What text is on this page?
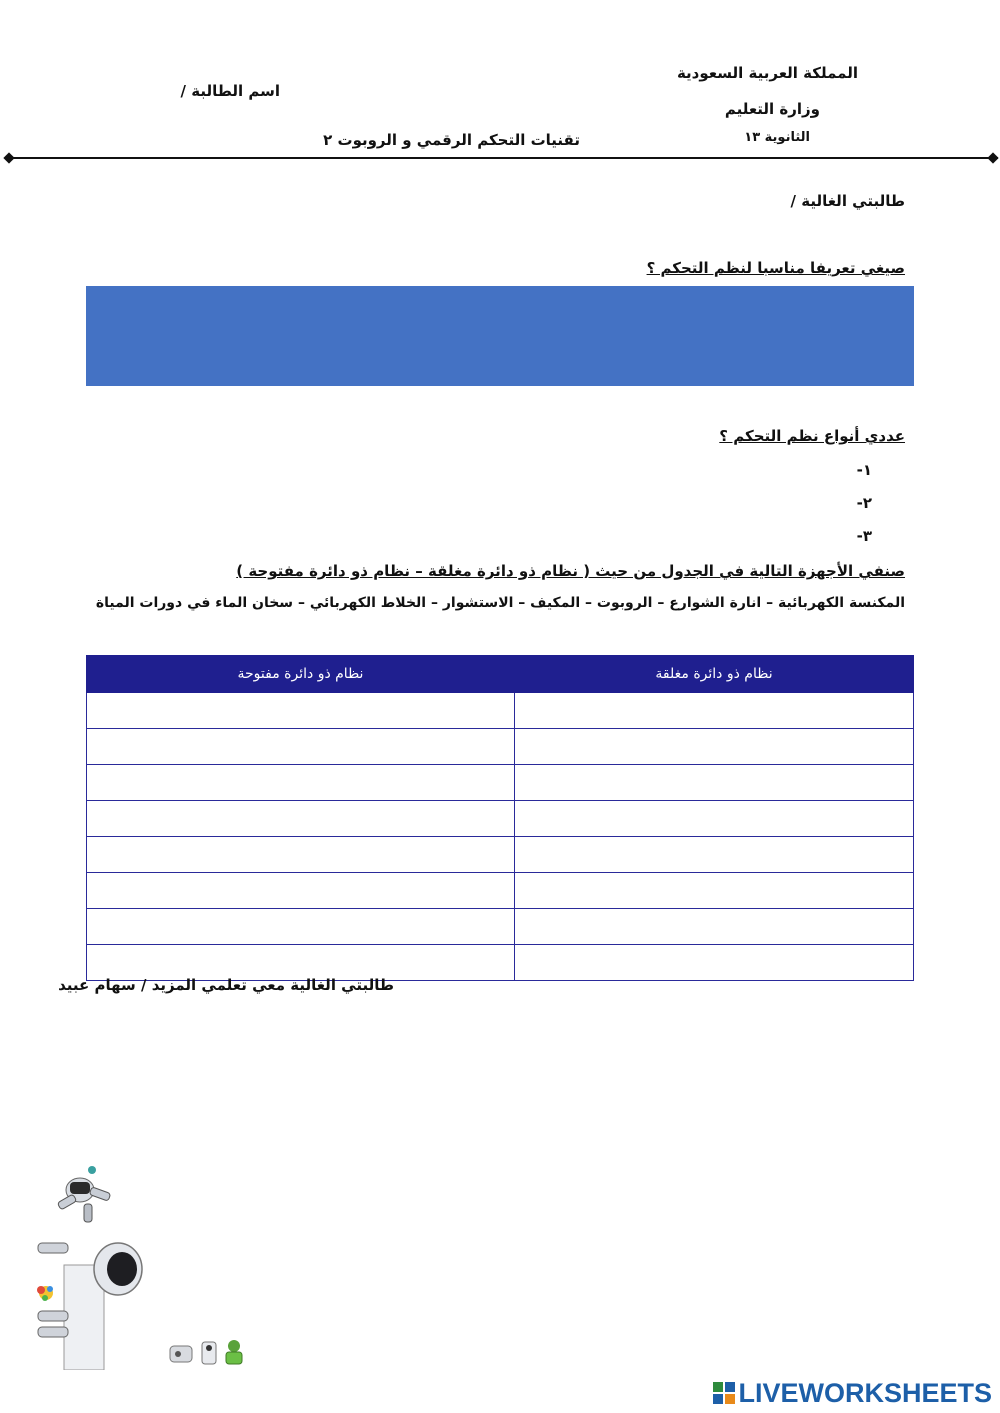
المملكة العربية السعودية
وزارة التعليم
الثانوية ١٣
اسم الطالبة /
تقنيات التحكم الرقمي و الروبوت ٢
طالبتي الغالية /
صيغي تعريفا مناسبا لنظم التحكم ؟
عددي أنواع نظم التحكم ؟
١-
٢-
٣-
صنفي الأجهزة التالية في الجدول من حيث ( نظام ذو دائرة مغلقة – نظام ذو دائرة مفتوحة )
المكنسة الكهربائية – انارة الشوارع – الروبوت – المكيف – الاستشوار – الخلاط الكهربائي – سخان الماء في دورات المياة
نظام ذو دائرة مغلقة	نظام ذو دائرة مفتوحة

طالبتي الغالية معي تعلمي المزيد / سهام عبيد
LIVEWORKSHEETS
